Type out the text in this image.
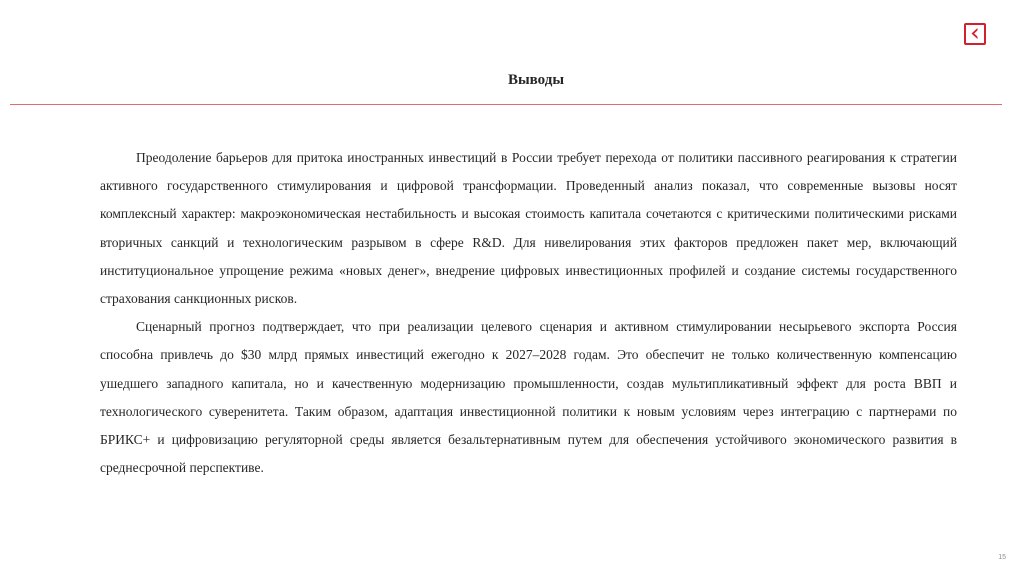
Выводы

Преодоление барьеров для притока иностранных инвестиций в России требует перехода от политики пассивного реагирования к стратегии активного государственного стимулирования и цифровой трансформации. Проведенный анализ показал, что современные вызовы носят комплексный характер: макроэкономическая нестабильность и высокая стоимость капитала сочетаются с критическими политическими рисками вторичных санкций и технологическим разрывом в сфере R&D. Для нивелирования этих факторов предложен пакет мер, включающий институциональное упрощение режима «новых денег», внедрение цифровых инвестиционных профилей и создание системы государственного страхования санкционных рисков.

Сценарный прогноз подтверждает, что при реализации целевого сценария и активном стимулировании несырьевого экспорта Россия способна привлечь до $30 млрд прямых инвестиций ежегодно к 2027–2028 годам. Это обеспечит не только количественную компенсацию ушедшего западного капитала, но и качественную модернизацию промышленности, создав мультипликативный эффект для роста ВВП и технологического суверенитета. Таким образом, адаптация инвестиционной политики к новым условиям через интеграцию с партнерами по БРИКС+ и цифровизацию регуляторной среды является безальтернативным путем для обеспечения устойчивого экономического развития в среднесрочной перспективе.

15
